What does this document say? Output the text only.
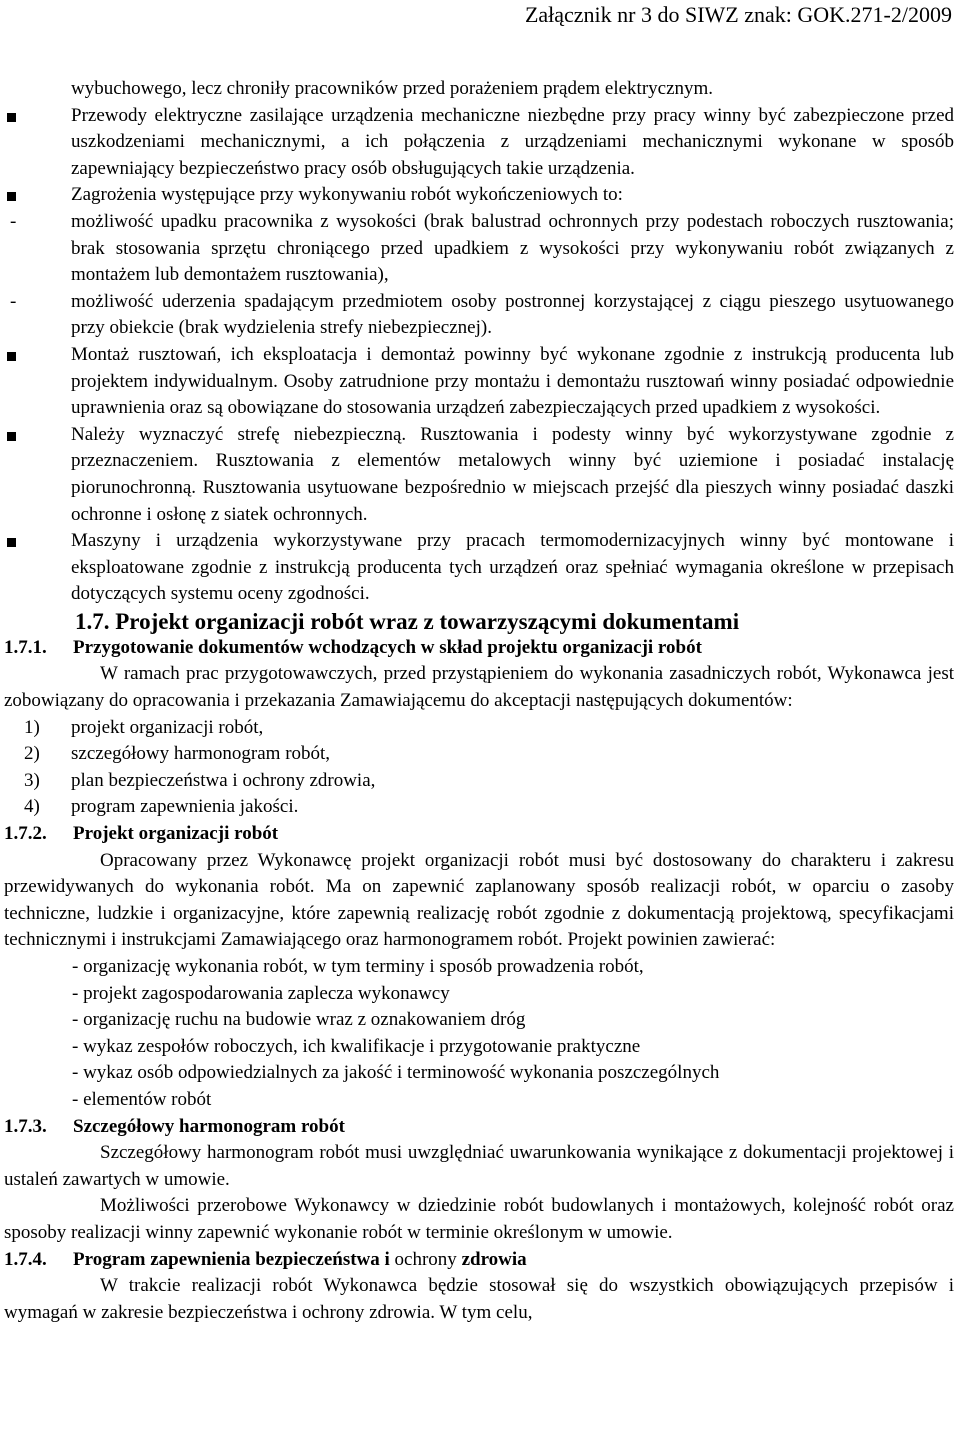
Załącznik nr 3 do SIWZ znak: GOK.271-2/2009

wybuchowego, lecz chroniły pracowników przed porażeniem prądem elektrycznym.

Przewody elektryczne zasilające urządzenia mechaniczne niezbędne przy pracy winny być zabezpieczone przed uszkodzeniami mechanicznymi, a ich połączenia z urządzeniami mechanicznymi wykonane w sposób zapewniający bezpieczeństwo pracy osób obsługujących takie urządzenia.
Zagrożenia występujące przy wykonywaniu robót wykończeniowych to:
-	możliwość upadku pracownika z wysokości (brak balustrad ochronnych przy podestach roboczych rusztowania; brak stosowania sprzętu chroniącego przed upadkiem z wysokości przy wykonywaniu robót związanych z montażem lub demontażem rusztowania),
-	możliwość uderzenia spadającym przedmiotem osoby postronnej korzystającej z ciągu pieszego usytuowanego przy obiekcie (brak wydzielenia strefy niebezpiecznej).
Montaż rusztowań, ich eksploatacja i demontaż powinny być wykonane zgodnie z instrukcją producenta lub projektem indywidualnym. Osoby zatrudnione przy montażu i demontażu rusztowań winny posiadać odpowiednie uprawnienia oraz są obowiązane do stosowania urządzeń zabezpieczających przed upadkiem z wysokości.
Należy wyznaczyć strefę niebezpieczną. Rusztowania i podesty winny być wykorzystywane zgodnie z przeznaczeniem. Rusztowania z elementów metalowych winny być uziemione i posiadać instalację piorunochronną. Rusztowania usytuowane bezpośrednio w miejscach przejść dla pieszych winny posiadać daszki ochronne i osłonę z siatek ochronnych.
Maszyny i urządzenia wykorzystywane przy pracach termomodernizacyjnych winny być montowane i eksploatowane zgodnie z instrukcją producenta tych urządzeń oraz spełniać wymagania określone w przepisach dotyczących systemu oceny zgodności.
1.7. Projekt organizacji robót wraz z towarzyszącymi dokumentami
1.7.1. Przygotowanie dokumentów wchodzących w skład projektu organizacji robót

W ramach prac przygotowawczych, przed przystąpieniem do wykonania zasadniczych robót, Wykonawca jest zobowiązany do opracowania i przekazania Zamawiającemu do akceptacji następujących dokumentów:

1) projekt organizacji robót,
2) szczegółowy harmonogram robót,
3) plan bezpieczeństwa i ochrony zdrowia,
4) program zapewnienia jakości.
1.7.2. Projekt organizacji robót

Opracowany przez Wykonawcę projekt organizacji robót musi być dostosowany do charakteru i zakresu przewidywanych do wykonania robót. Ma on zapewnić zaplanowany sposób realizacji robót, w oparciu o zasoby techniczne, ludzkie i organizacyjne, które zapewnią realizację robót zgodnie z dokumentacją projektową, specyfikacjami technicznymi i instrukcjami Zamawiającego oraz harmonogramem robót. Projekt powinien zawierać:

- organizację wykonania robót, w tym terminy i sposób prowadzenia robót,
- projekt zagospodarowania zaplecza wykonawcy
- organizację ruchu na budowie wraz z oznakowaniem dróg
- wykaz zespołów roboczych, ich kwalifikacje i przygotowanie praktyczne
- wykaz osób odpowiedzialnych za jakość i terminowość wykonania poszczególnych
- elementów robót
1.7.3. Szczegółowy harmonogram robót

Szczegółowy harmonogram robót musi uwzględniać uwarunkowania wynikające z dokumentacji projektowej i ustaleń zawartych w umowie.

Możliwości przerobowe Wykonawcy w dziedzinie robót budowlanych i montażowych, kolejność robót oraz sposoby realizacji winny zapewnić wykonanie robót w terminie określonym w umowie.

1.7.4. Program zapewnienia bezpieczeństwa i ochrony zdrowia

W trakcie realizacji robót Wykonawca będzie stosował się do wszystkich obowiązujących przepisów i wymagań w zakresie bezpieczeństwa i ochrony zdrowia. W tym celu,
